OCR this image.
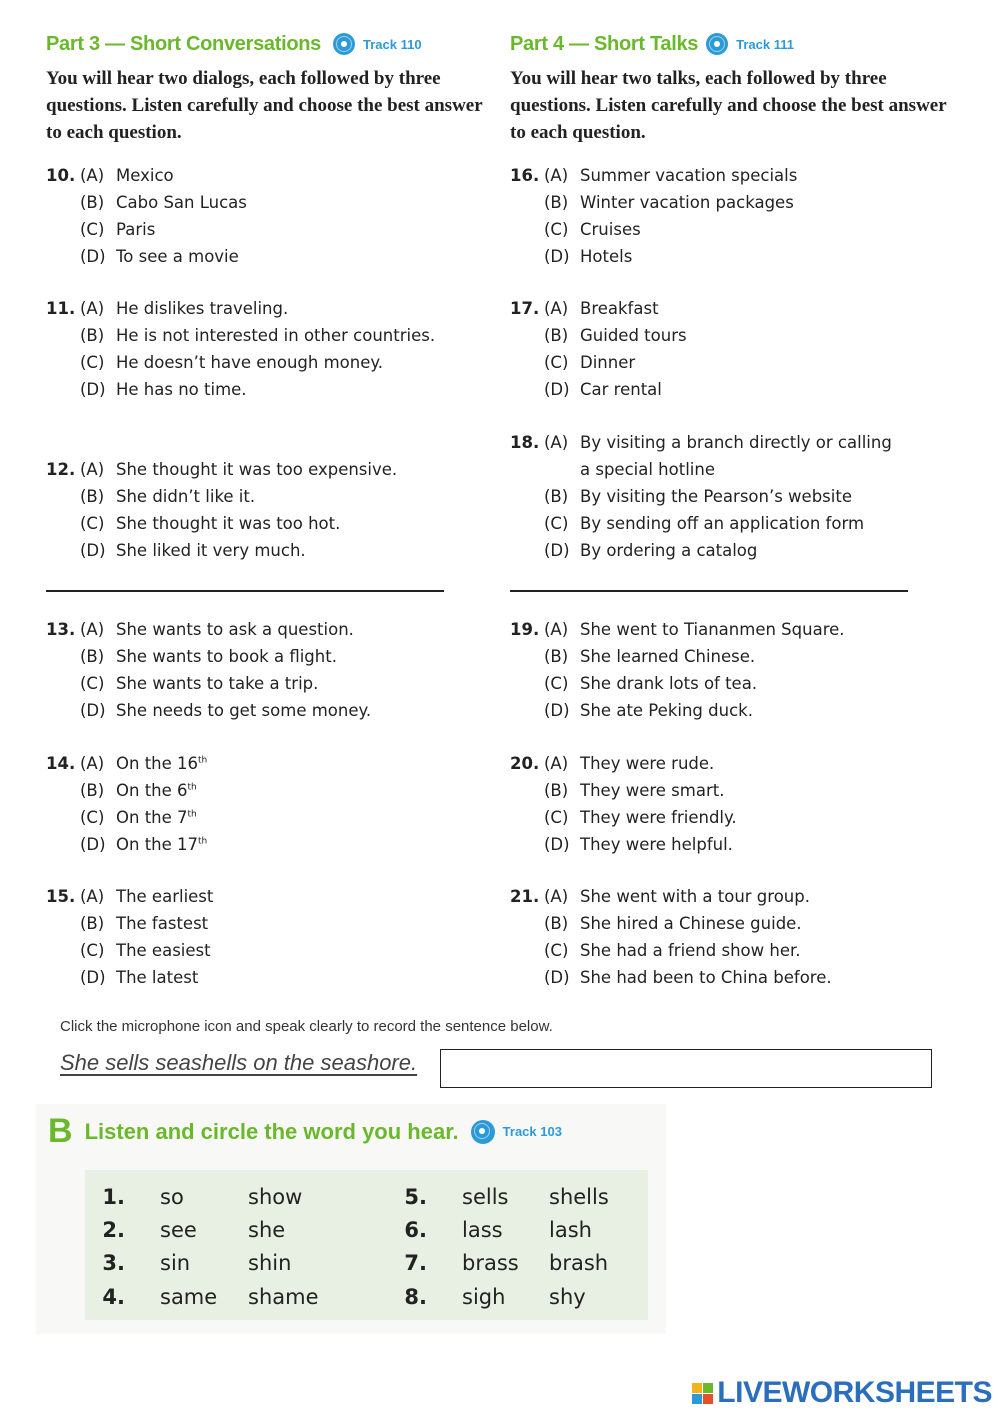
Part 3 — Short Conversations	Track 110
You will hear two dialogs, each followed by three questions. Listen carefully and choose the best answer to each question.
10. (A) Mexico
(B) Cabo San Lucas
(C) Paris
(D) To see a movie
11. (A) He dislikes traveling.
(B) He is not interested in other countries.
(C) He doesn’t have enough money.
(D) He has no time.
12. (A) She thought it was too expensive.
(B) She didn’t like it.
(C) She thought it was too hot.
(D) She liked it very much.
13. (A) She wants to ask a question.
(B) She wants to book a flight.
(C) She wants to take a trip.
(D) She needs to get some money.
14. (A) On the 16th
(B) On the 6th
(C) On the 7th
(D) On the 17th
15. (A) The earliest
(B) The fastest
(C) The easiest
(D) The latest
Part 4 — Short Talks	Track 111
You will hear two talks, each followed by three questions. Listen carefully and choose the best answer to each question.
16. (A) Summer vacation specials
(B) Winter vacation packages
(C) Cruises
(D) Hotels
17. (A) Breakfast
(B) Guided tours
(C) Dinner
(D) Car rental
18. (A) By visiting a branch directly or calling a special hotline
(B) By visiting the Pearson’s website
(C) By sending off an application form
(D) By ordering a catalog
19. (A) She went to Tiananmen Square.
(B) She learned Chinese.
(C) She drank lots of tea.
(D) She ate Peking duck.
20. (A) They were rude.
(B) They were smart.
(C) They were friendly.
(D) They were helpful.
21. (A) She went with a tour group.
(B) She hired a Chinese guide.
(C) She had a friend show her.
(D) She had been to China before.
Click the microphone icon and speak clearly to record the sentence below.
She sells seashells on the seashore.
B Listen and circle the word you hear.	Track 103
1. so	show
2. see she
3. sin	shin
4. same shame
5. sells shells
6. lass lash
7. brass brash
8. sigh shy
LIVEWORKSHEETS
